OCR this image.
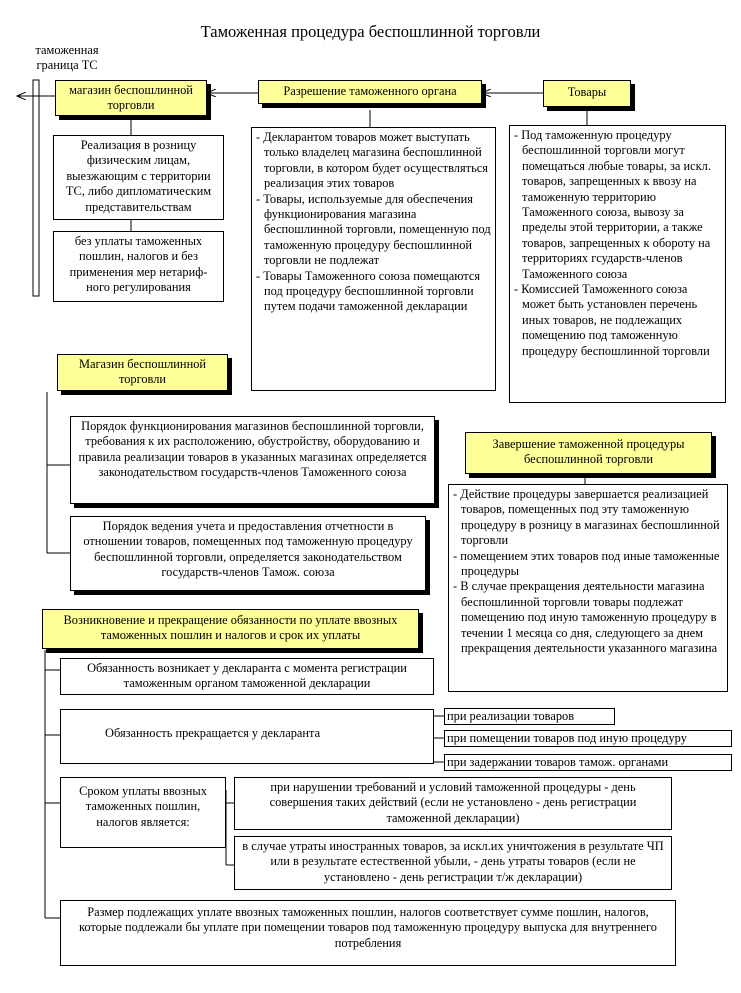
Таможенная процедура беспошлинной торговли
таможенная граница ТС
магазин беспошлинной торговли
Разрешение таможенного органа	Товары
Реализация в розницу физическим лицам, выезжающим с территории ТС, либо дипломатическим представительствам
без уплаты таможенных пошлин, налогов и без применения мер нетариф-ного регулирования
- Декларантом товаров может выступать только владелец магазина беспошлинной торговли, в котором будет осуществляться реализация этих товаров
- Товары, используемые для обеспечения функционирования магазина беспошлинной торговли, помещенную под таможенную процедуру беспошлинной торговли не подлежат
- Товары Таможенного союза помещаются под процедуру беспошлинной торговли путем подачи таможенной декларации
- Под таможенную процедуру беспошлинной торговли могут помещаться любые товары, за искл. товаров, запрещенных к ввозу на таможенную территорию Таможенного союза, вывозу за пределы этой территории, а также товаров, запрещенных к обороту на территориях гсударств-членов Таможенного союза
- Комиссией Таможенного союза может быть установлен перечень иных товаров, не подлежащих помещению под таможенную процедуру беспошлинной торговли
Магазин беспошлинной торговли
Порядок функционирования магазинов беспошлинной торговли, требования к их расположению, обустройству, оборудованию и правила реализации товаров в указанных магазинах определяется законодательством государств-членов Таможенного союза
Порядок ведения учета и предоставления отчетности в отношении товаров, помещенных под таможенную процедуру беспошлинной торговли, определяется законодательством государств-членов Тамож. союза
Завершение таможенной процедуры беспошлинной торговли
- Действие процедуры завершается реализацией товаров, помещенных под эту таможенную процедуру в розницу в магазинах беспошлинной торговли
- помещением этих товаров под иные таможенные процедуры
- В случае прекращения деятельности магазина беспошлинной торговли товары подлежат помещению под иную таможенную процедуру в течении 1 месяца со дня, следующего за днем прекращения деятельности указанного магазина
Возникновение и прекращение обязанности по уплате ввозных таможенных пошлин и налогов и срок их уплаты
Обязанность возникает у декларанта с момента регистрации таможенным органом таможенной декларации
Обязанность прекращается у декларанта
при реализации товаров
при помещении товаров под иную процедуру
при задержании товаров тамож. органами
Сроком уплаты ввозных таможенных пошлин, налогов является:
при нарушении требований и условий таможенной процедуры - день совершения таких действий (если не установлено - день регистрации таможенной декларации)
в случае утраты иностранных товаров, за искл.их уничтожения в результате ЧП или в результате естественной убыли, - день утраты товаров (если не установлено - день регистрации т/ж декларации)
Размер подлежащих уплате ввозных таможенных пошлин, налогов соответствует сумме пошлин, налогов, которые подлежали бы уплате при помещении товаров под таможенную процедуру выпуска для внутреннего потребления
